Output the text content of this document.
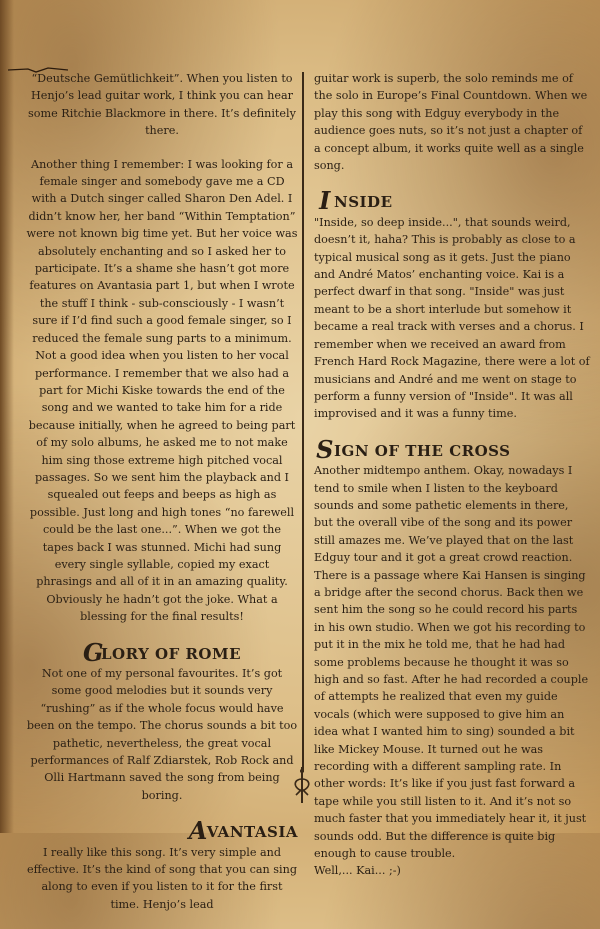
“Deutsche Gemütlichkeit”. When you listen to Henjo’s lead guitar work, I think you can hear some Ritchie Blackmore in there. It’s definitely there.

Another thing I remember: I was looking for a female singer and somebody gave me a CD with a Dutch singer called Sharon Den Adel. I didn’t know her, her band “Within Temptation” were not known big time yet. But her voice was absolutely enchanting and so I asked her to participate. It’s a shame she hasn’t got more features on Avantasia part 1, but when I wrote the stuff I think - sub-consciously - I wasn’t sure if I’d find such a good female singer, so I reduced the female sung parts to a minimum. Not a good idea when you listen to her vocal performance. I remember that we also had a part for Michi Kiske towards the end of the song and we wanted to take him for a ride because initially, when he agreed to being part of my solo albums, he asked me to not make him sing those extreme high pitched vocal passages. So we sent him the playback and I squealed out feeps and beeps as high as possible. Just long and high tones “no farewell could be the last one...”. When we got the tapes back I was stunned. Michi had sung every single syllable, copied my exact phrasings and all of it in an amazing quality. Obviously he hadn’t got the joke. What a blessing for the final results!

GLORY OF ROME

Not one of my personal favourites. It’s got some good melodies but it sounds very “rushing” as if the whole focus would have been on the tempo. The chorus sounds a bit too pathetic, nevertheless, the great vocal performances of Ralf Zdiarstek, Rob Rock and Olli Hartmann saved the song from being boring.

AVANTASIA

I really like this song. It’s very simple and effective. It’s the kind of song that you can sing along to even if you listen to it for the first time. Henjo’s lead

guitar work is superb, the solo reminds me of the solo in Europe’s Final Countdown. When we play this song with Edguy everybody in the audience goes nuts, so it’s not just a chapter of a concept album, it works quite well as a single song.

INSIDE

"Inside, so deep inside...", that sounds weird, doesn’t it, haha? This is probably as close to a typical musical song as it gets. Just the piano and André Matos’ enchanting voice. Kai is a perfect dwarf in that song. "Inside" was just meant to be a short interlude but somehow it became a real track with verses and a chorus. I remember when we received an award from French Hard Rock Magazine, there were a lot of musicians and André and me went on stage to perform a funny version of "Inside". It was all improvised and it was a funny time.

SIGN OF THE CROSS

Another midtempo anthem. Okay, nowadays I tend to smile when I listen to the keyboard sounds and some pathetic elements in there, but the overall vibe of the song and its power still amazes me. We’ve played that on the last Edguy tour and it got a great crowd reaction. There is a passage where Kai Hansen is singing a bridge after the second chorus. Back then we sent him the song so he could record his parts in his own studio. When we got his recording to put it in the mix he told me, that he had had some problems because he thought it was so high and so fast. After he had recorded a couple of attempts he realized that even my guide vocals (which were supposed to give him an idea what I wanted him to sing) sounded a bit like Mickey Mouse. It turned out he was recording with a different sampling rate. In other words: It’s like if you just fast forward a tape while you still listen to it. And it’s not so much faster that you immediately hear it, it just sounds odd. But the difference is quite big enough to cause trouble.

Well,... Kai... ;-)
